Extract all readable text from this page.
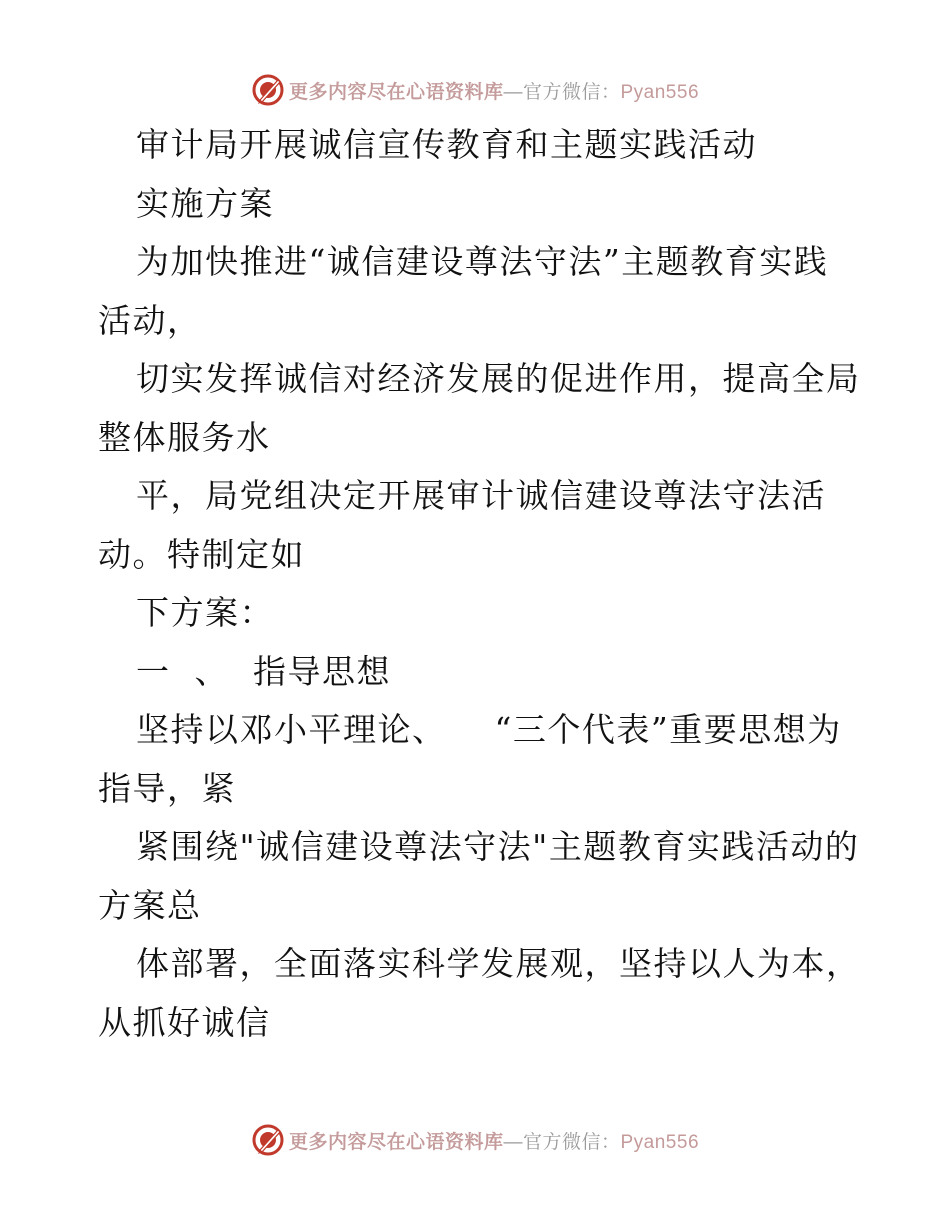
更多内容尽在心语资料库—官方微信：Pyan556
审计局开展诚信宣传教育和主题实践活动
实施方案
为加快推进“诚信建设尊法守法”主题教育实践
活动，
切实发挥诚信对经济发展的促进作用，提高全局
整体服务水
平，局党组决定开展审计诚信建设尊法守法活
动。特制定如
下方案：
一  、  指导思想
坚持以邓小平理论、    “三个代表”重要思想为
指导，紧
紧围绕"诚信建设尊法守法"主题教育实践活动的
方案总
体部署，全面落实科学发展观，坚持以人为本，
从抓好诚信
更多内容尽在心语资料库—官方微信：Pyan556
